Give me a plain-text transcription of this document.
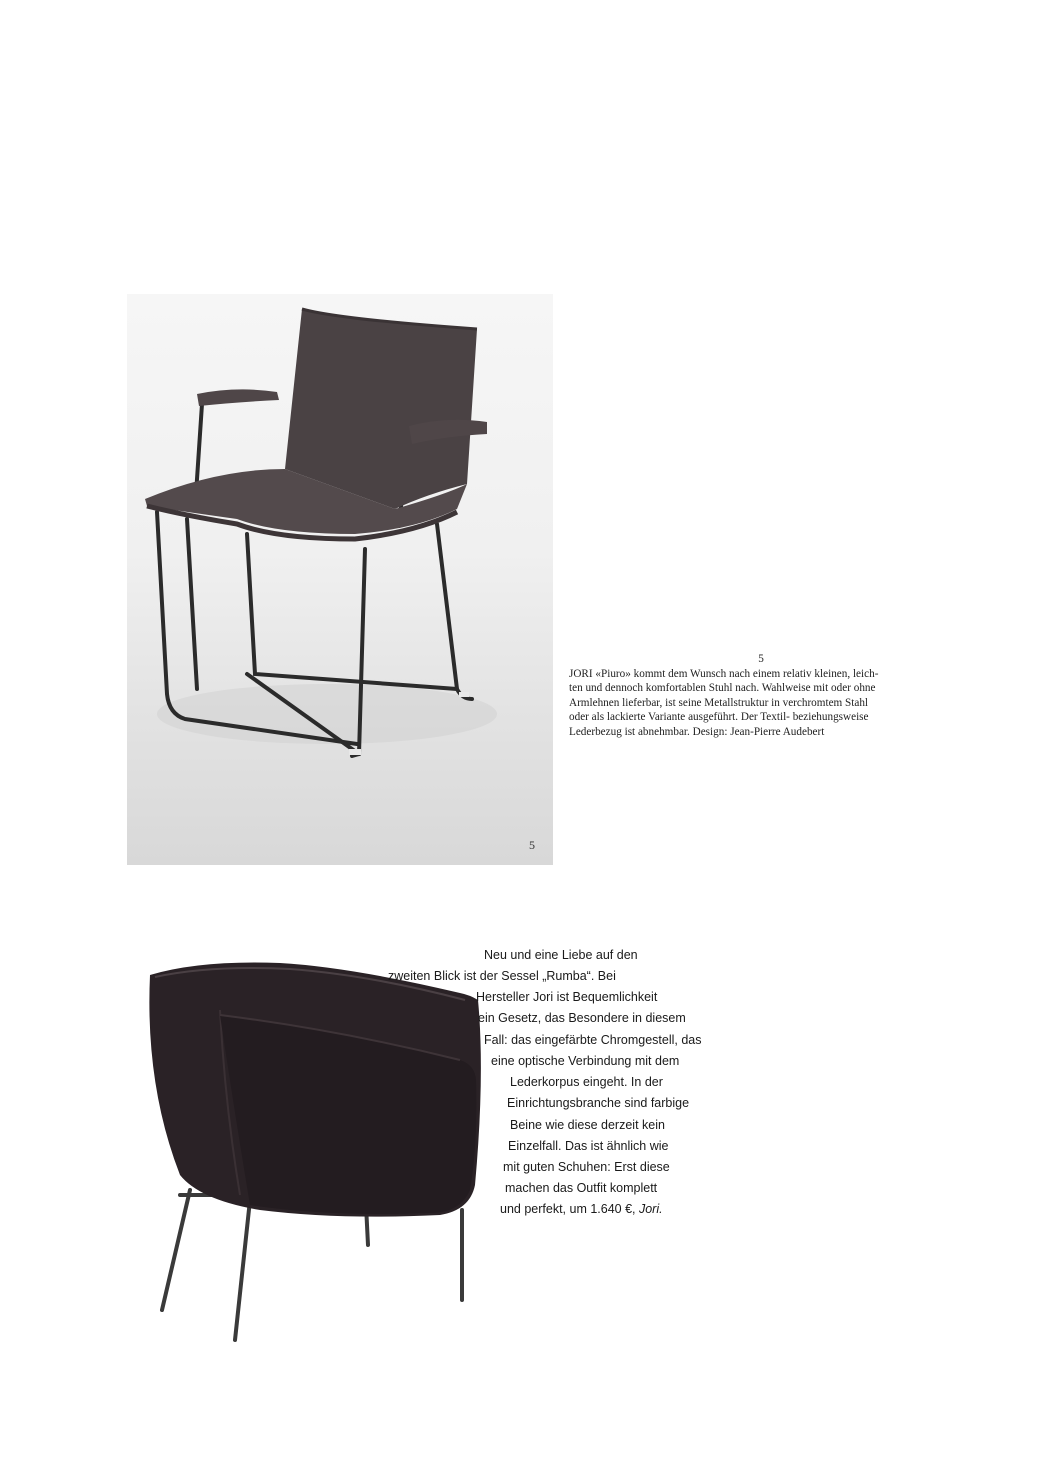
5
5
JORI «Piuro» kommt dem Wunsch nach einem relativ kleinen, leich-
ten und dennoch komfortablen Stuhl nach. Wahlweise mit oder ohne
Armlehnen lieferbar, ist seine Metallstruktur in verchromtem Stahl
oder als lackierte Variante ausgeführt. Der Textil- beziehungsweise
Lederbezug ist abnehmbar. Design: Jean-Pierre Audebert
Neu und eine Liebe auf den
zweiten Blick ist der Sessel „Rumba“. Bei
Hersteller Jori ist Bequemlichkeit
ein Gesetz, das Besondere in diesem
Fall: das eingefärbte Chromgestell, das
eine optische Verbindung mit dem
Lederkorpus eingeht. In der
Einrichtungsbranche sind farbige
Beine wie diese derzeit kein
Einzelfall. Das ist ähnlich wie
mit guten Schuhen: Erst diese
machen das Outfit komplett
und perfekt, um 1.640 €, Jori.
